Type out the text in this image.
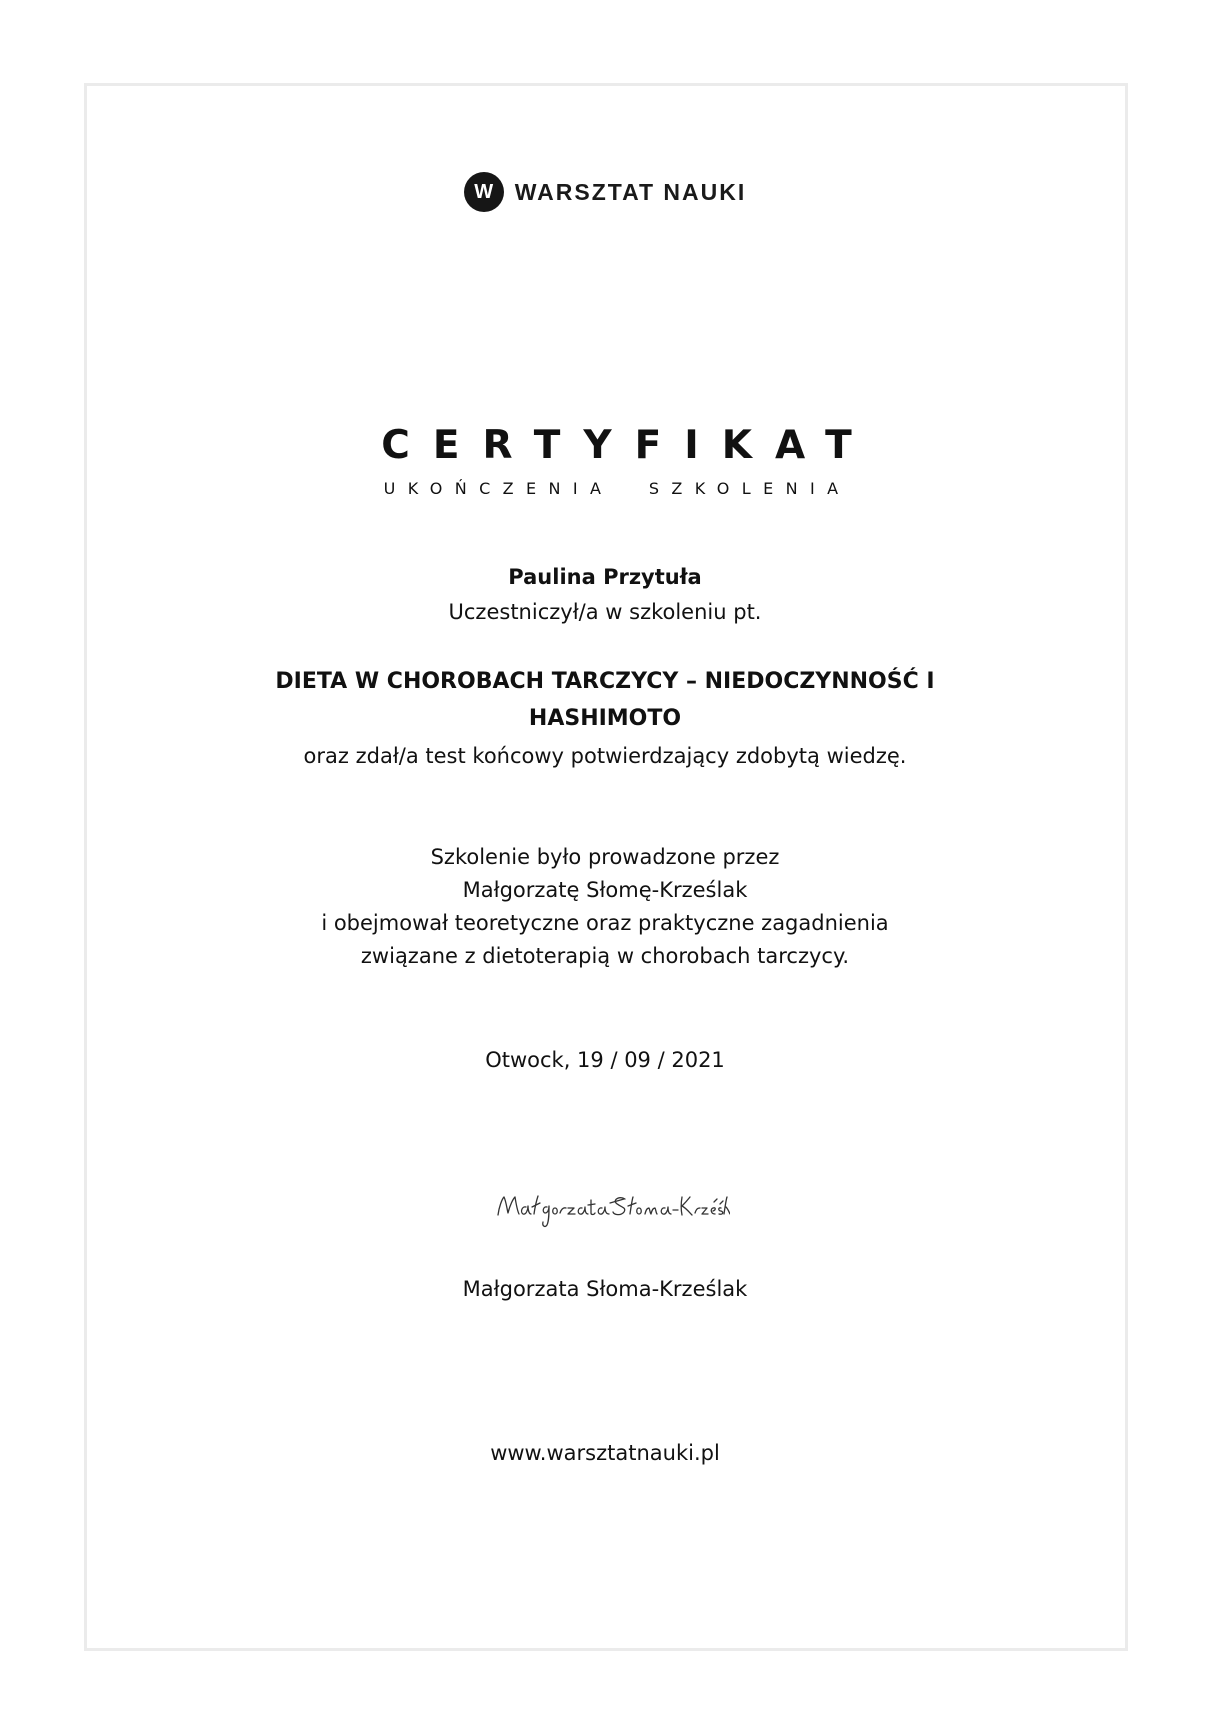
W WARSZTAT NAUKI
CERTYFIKAT
UKOŃCZENIA SZKOLENIA
Paulina Przytuła
Uczestniczył/a w szkoleniu pt.
DIETA W CHOROBACH TARCZYCY – NIEDOCZYNNOŚĆ I
HASHIMOTO
oraz zdał/a test końcowy potwierdzający zdobytą wiedzę.
Szkolenie było prowadzone przez
Małgorzatę Słomę-Krześlak
i obejmował teoretyczne oraz praktyczne zagadnienia
związane z dietoterapią w chorobach tarczycy.
Otwock, 19 / 09 / 2021
Małgorzata Słoma-Krześlak
www.warsztatnauki.pl
